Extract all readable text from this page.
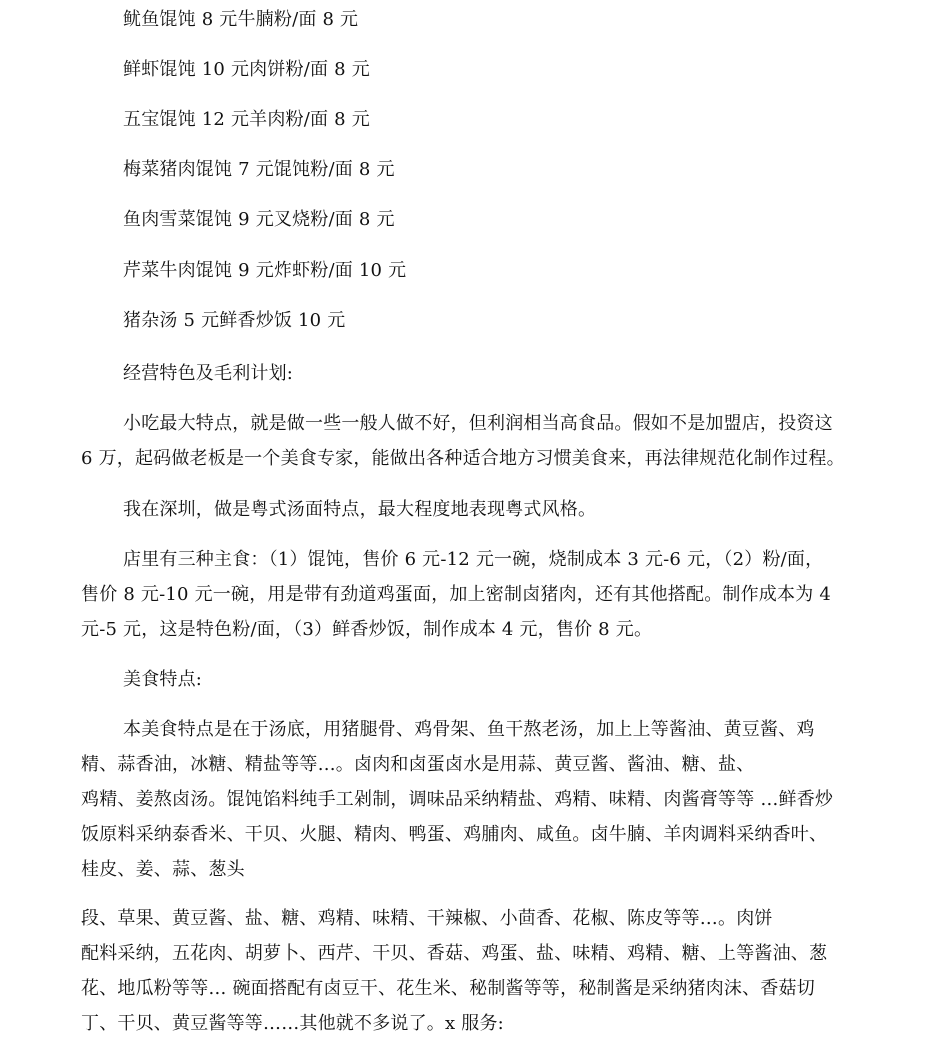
鱿鱼馄饨 8 元牛腩粉/面 8 元
鲜虾馄饨 10 元肉饼粉/面 8 元
五宝馄饨 12 元羊肉粉/面 8 元
梅菜猪肉馄饨 7 元馄饨粉/面 8 元
鱼肉雪菜馄饨 9 元叉烧粉/面 8 元
芹菜牛肉馄饨 9 元炸虾粉/面 10 元
猪杂汤 5 元鲜香炒饭 10 元
经营特色及毛利计划:
小吃最大特点，就是做一些一般人做不好，但利润相当高食品。假如不是加盟店，投资这
6 万，起码做老板是一个美食专家，能做出各种适合地方习惯美食来，再法律规范化制作过程。
我在深圳，做是粤式汤面特点，最大程度地表现粤式风格。
店里有三种主食：（1）馄饨，售价 6 元-12 元一碗，烧制成本 3 元-6 元，（2）粉/面，
售价 8 元-10 元一碗，用是带有劲道鸡蛋面，加上密制卤猪肉，还有其他搭配。制作成本为 4
元-5 元，这是特色粉/面，（3）鲜香炒饭，制作成本 4 元，售价 8 元。
美食特点:
本美食特点是在于汤底，用猪腿骨、鸡骨架、鱼干熬老汤，加上上等酱油、黄豆酱、鸡
精、蒜香油，冰糖、精盐等等…。卤肉和卤蛋卤水是用蒜、黄豆酱、酱油、糖、盐、
鸡精、姜熬卤汤。馄饨馅料纯手工剁制，调味品采纳精盐、鸡精、味精、肉酱膏等等 …鲜香炒
饭原料采纳泰香米、干贝、火腿、精肉、鸭蛋、鸡脯肉、咸鱼。卤牛腩、羊肉调料采纳香叶、
桂皮、姜、蒜、葱头
段、草果、黄豆酱、盐、糖、鸡精、味精、干辣椒、小茴香、花椒、陈皮等等…。肉饼
配料采纳，五花肉、胡萝卜、西芹、干贝、香菇、鸡蛋、盐、味精、鸡精、糖、上等酱油、葱
花、地瓜粉等等… 碗面搭配有卤豆干、花生米、秘制酱等等，秘制酱是采纳猪肉沫、香菇切
丁、干贝、黄豆酱等等……其他就不多说了。x 服务:
